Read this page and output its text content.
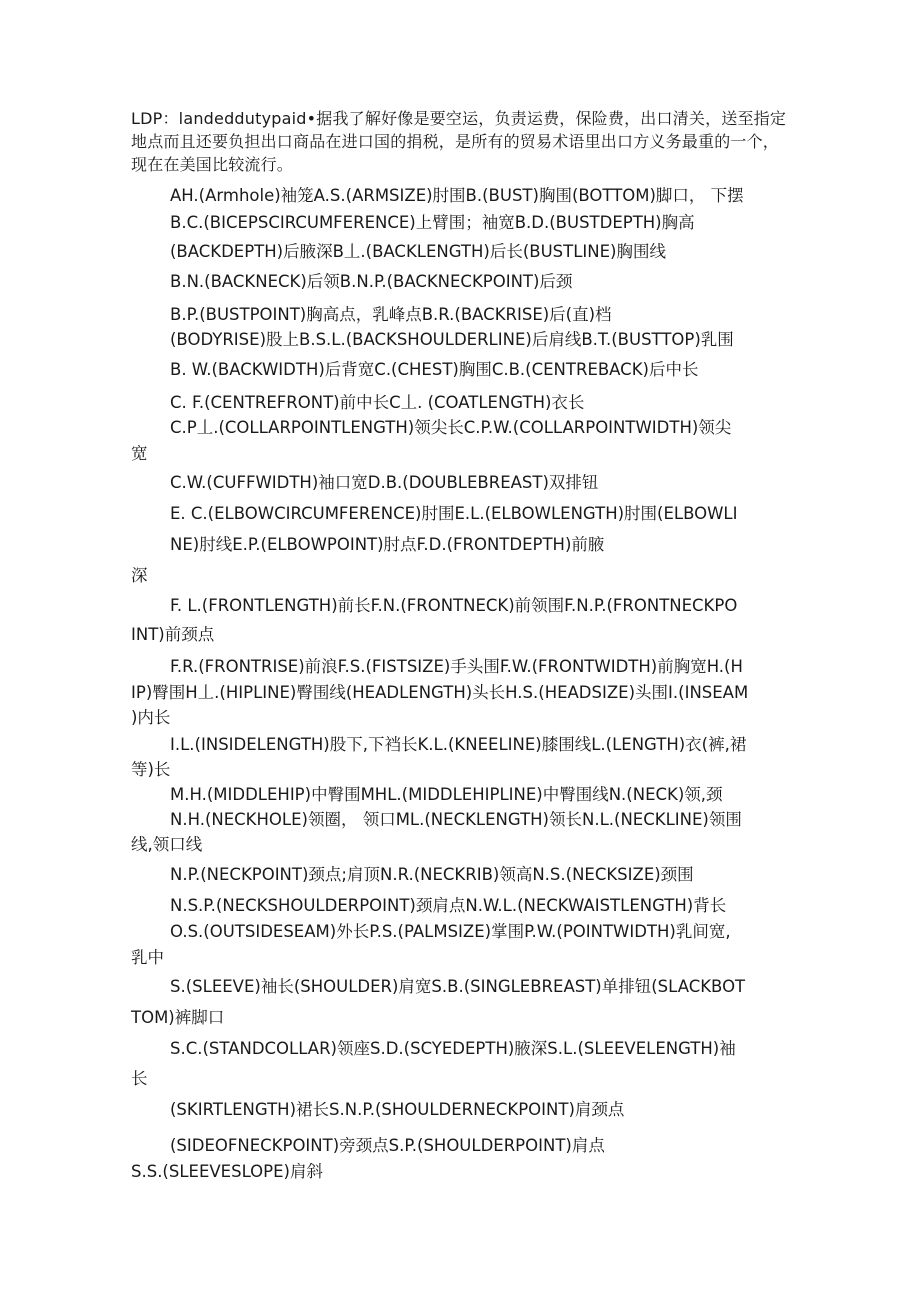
LDP：landeddutypaid•据我了解好像是要空运，负责运费，保险费，出口清关，送至指定地点而且还要负担出口商品在进口国的捐税，是所有的贸易术语里出口方义务最重的一个，现在在美国比较流行。
AH.(Armhole)袖笼A.S.(ARMSIZE)肘围B.(BUST)胸围(BOTTOM)脚口， 下摆
B.C.(BICEPSCIRCUMFERENCE)上臂围；袖宽B.D.(BUSTDEPTH)胸高
(BACKDEPTH)后腋深B丄.(BACKLENGTH)后长(BUSTLINE)胸围线
B.N.(BACKNECK)后领B.N.P.(BACKNECKPOINT)后颈
B.P.(BUSTPOINT)胸高点，乳峰点B.R.(BACKRISE)后(直)档
(BODYRISE)股上B.S.L.(BACKSHOULDERLINE)后肩线B.T.(BUSTTOP)乳围
B. W.(BACKWIDTH)后背宽C.(CHEST)胸围C.B.(CENTREBACK)后中长
C. F.(CENTREFRONT)前中长C丄. (COATLENGTH)衣长
C.P丄.(COLLARPOINTLENGTH)领尖长C.P.W.(COLLARPOINTWIDTH)领尖
宽
C.W.(CUFFWIDTH)袖口宽D.B.(DOUBLEBREAST)双排钮
E. C.(ELBOWCIRCUMFERENCE)肘围E.L.(ELBOWLENGTH)肘围(ELBOWLI
NE)肘线E.P.(ELBOWPOINT)肘点F.D.(FRONTDEPTH)前腋
深
F. L.(FRONTLENGTH)前长F.N.(FRONTNECK)前领围F.N.P.(FRONTNECKPO
INT)前颈点
F.R.(FRONTRISE)前浪F.S.(FISTSIZE)手头围F.W.(FRONTWIDTH)前胸宽H.(H
IP)臀围H丄.(HIPLINE)臀围线(HEADLENGTH)头长H.S.(HEADSIZE)头围I.(INSEAM
)内长
I.L.(INSIDELENGTH)股下,下裆长K.L.(KNEELINE)膝围线L.(LENGTH)衣(裤,裙
等)长
M.H.(MIDDLEHIP)中臀围MHL.(MIDDLEHIPLINE)中臀围线N.(NECK)领,颈
N.H.(NECKHOLE)领圈， 领口ML.(NECKLENGTH)领长N.L.(NECKLINE)领围
线,领口线
N.P.(NECKPOINT)颈点;肩顶N.R.(NECKRIB)领高N.S.(NECKSIZE)颈围
N.S.P.(NECKSHOULDERPOINT)颈肩点N.W.L.(NECKWAISTLENGTH)背长
O.S.(OUTSIDESEAM)外长P.S.(PALMSIZE)掌围P.W.(POINTWIDTH)乳间宽,
乳中
S.(SLEEVE)袖长(SHOULDER)肩宽S.B.(SINGLEBREAST)单排钮(SLACKBOT
TOM)裤脚口
S.C.(STANDCOLLAR)领座S.D.(SCYEDEPTH)腋深S.L.(SLEEVELENGTH)袖
长
(SKIRTLENGTH)裙长S.N.P.(SHOULDERNECKPOINT)肩颈点
(SIDEOFNECKPOINT)旁颈点S.P.(SHOULDERPOINT)肩点
S.S.(SLEEVESLOPE)肩斜
